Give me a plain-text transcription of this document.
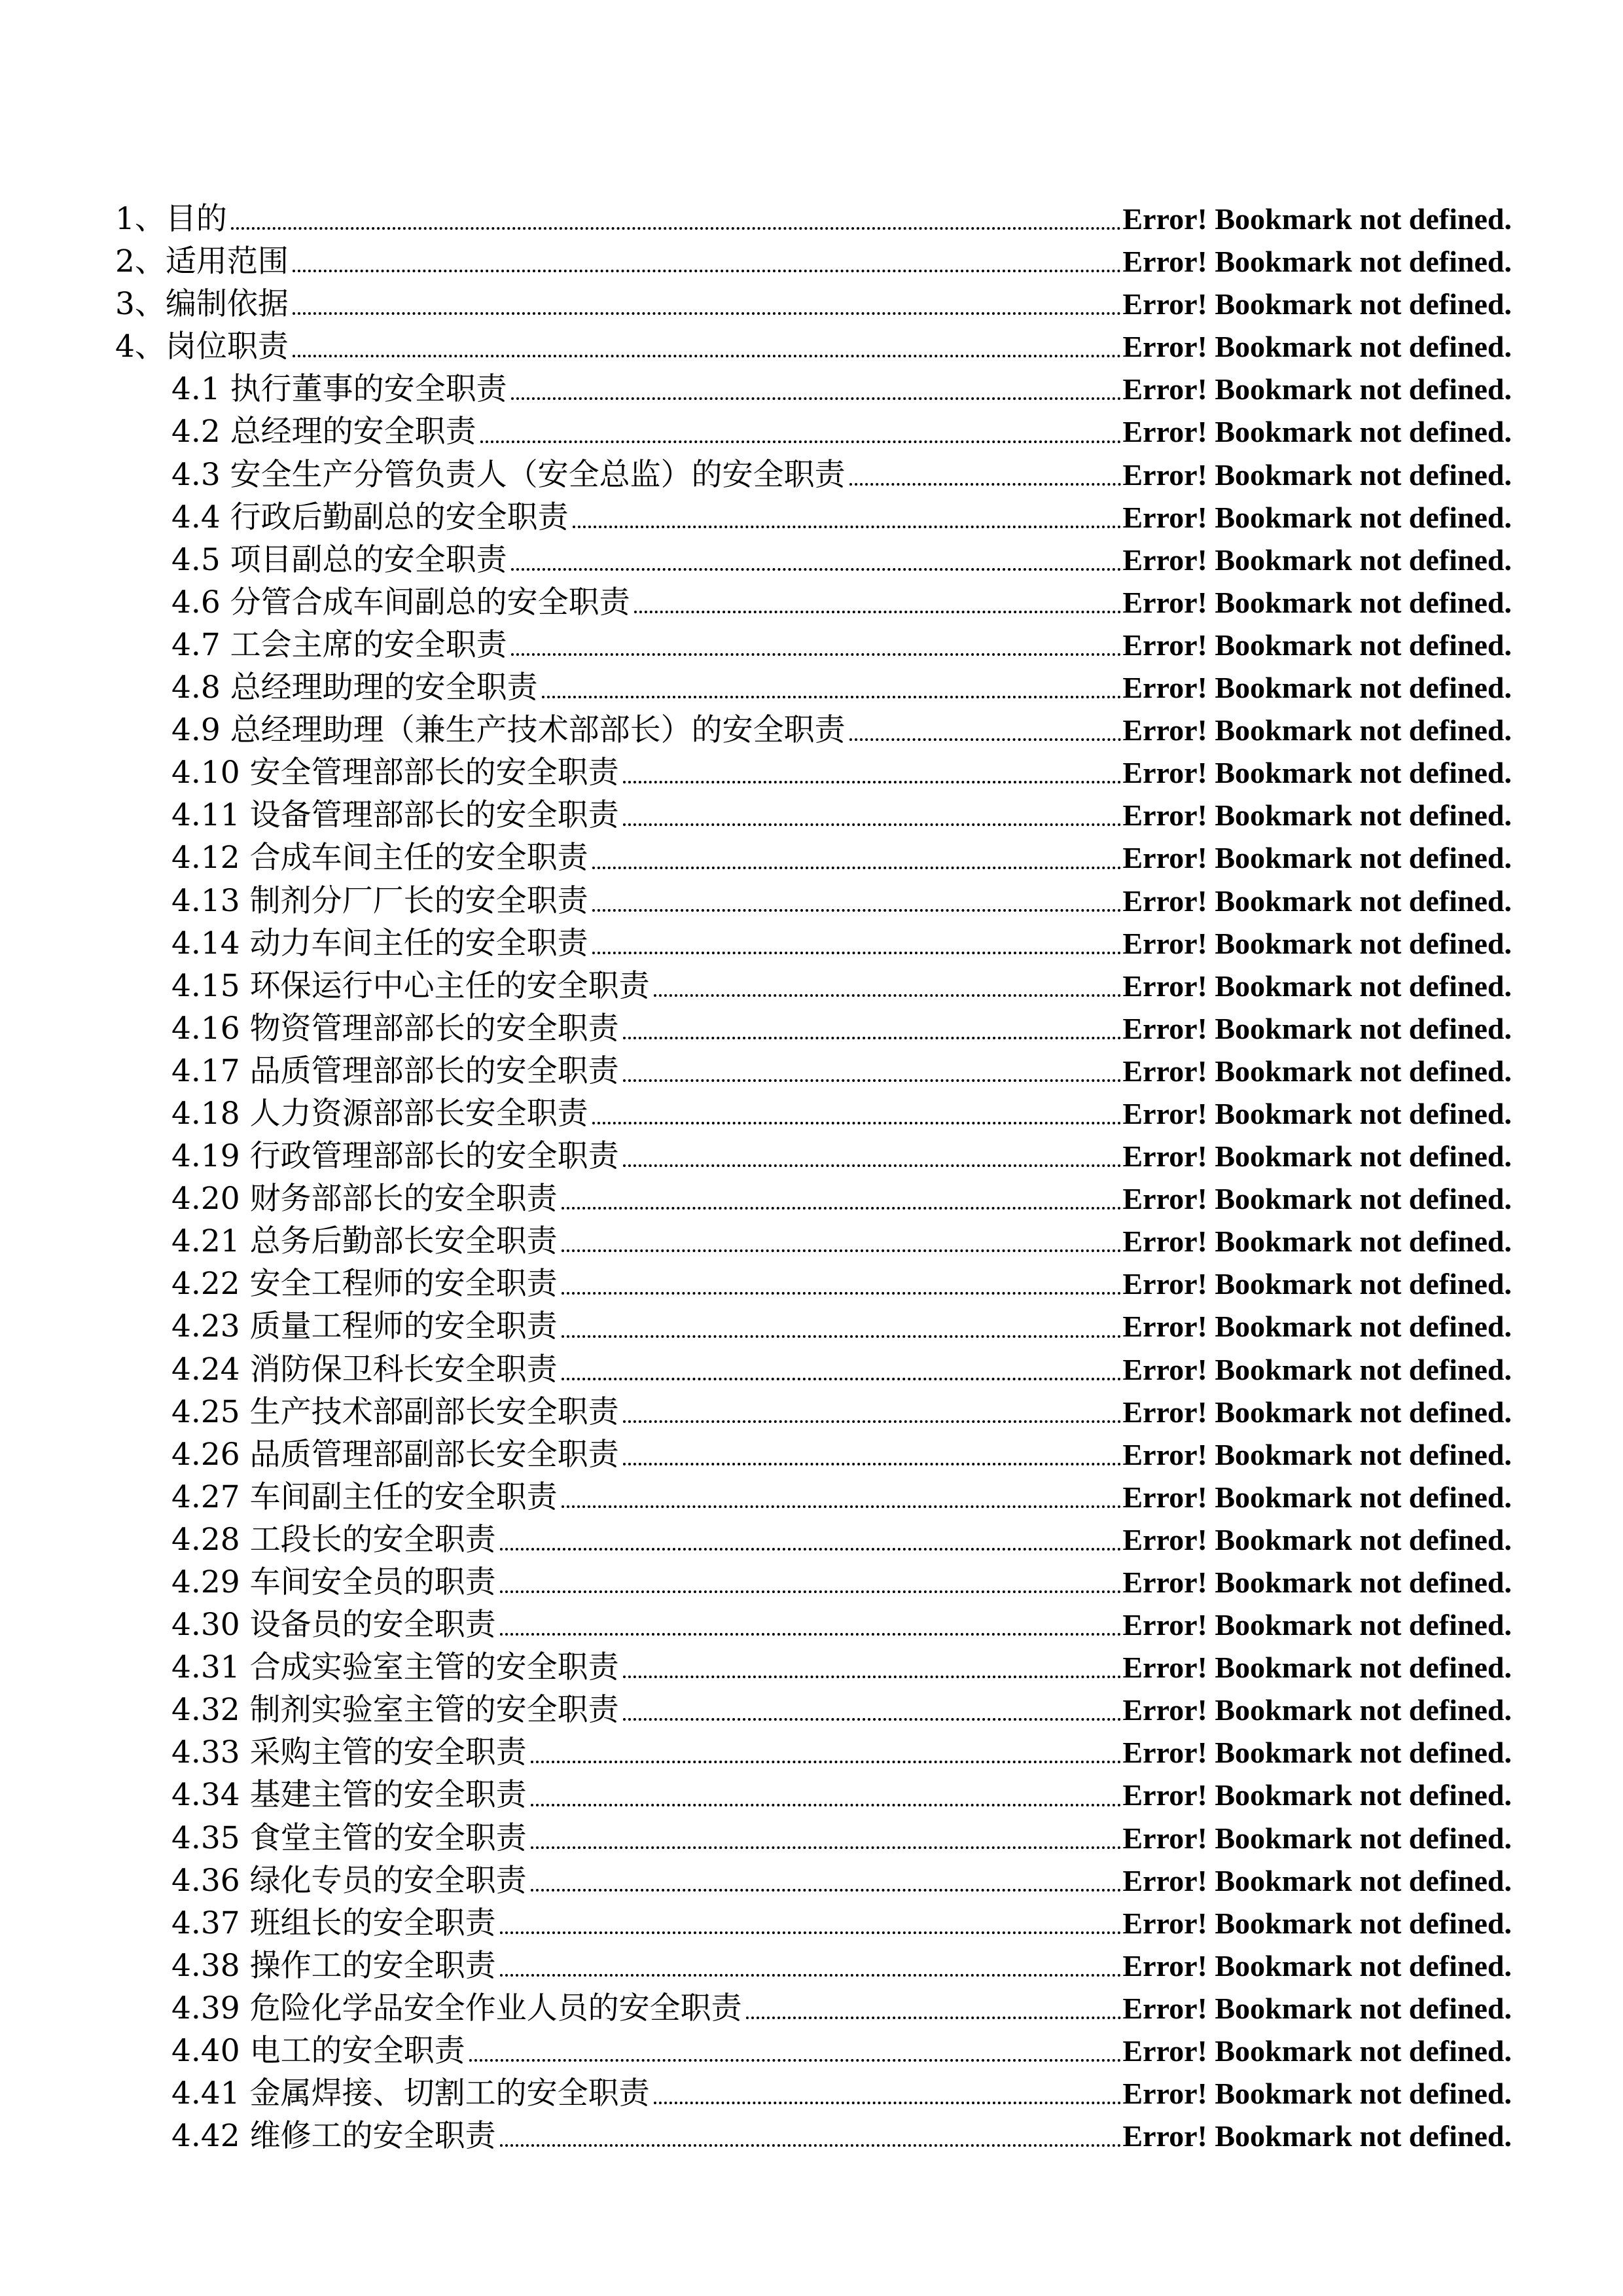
1、目的	Error! Bookmark not defined.
2、适用范围	Error! Bookmark not defined.
3、编制依据	Error! Bookmark not defined.
4、岗位职责	Error! Bookmark not defined.
4.1 执行董事的安全职责	Error! Bookmark not defined.
4.2 总经理的安全职责	Error! Bookmark not defined.
4.3 安全生产分管负责人（安全总监）的安全职责	Error! Bookmark not defined.
4.4 行政后勤副总的安全职责	Error! Bookmark not defined.
4.5 项目副总的安全职责	Error! Bookmark not defined.
4.6 分管合成车间副总的安全职责	Error! Bookmark not defined.
4.7 工会主席的安全职责	Error! Bookmark not defined.
4.8 总经理助理的安全职责	Error! Bookmark not defined.
4.9 总经理助理（兼生产技术部部长）的安全职责	Error! Bookmark not defined.
4.10 安全管理部部长的安全职责	Error! Bookmark not defined.
4.11 设备管理部部长的安全职责	Error! Bookmark not defined.
4.12 合成车间主任的安全职责	Error! Bookmark not defined.
4.13 制剂分厂厂长的安全职责	Error! Bookmark not defined.
4.14 动力车间主任的安全职责	Error! Bookmark not defined.
4.15 环保运行中心主任的安全职责	Error! Bookmark not defined.
4.16 物资管理部部长的安全职责	Error! Bookmark not defined.
4.17 品质管理部部长的安全职责	Error! Bookmark not defined.
4.18 人力资源部部长安全职责	Error! Bookmark not defined.
4.19 行政管理部部长的安全职责	Error! Bookmark not defined.
4.20 财务部部长的安全职责	Error! Bookmark not defined.
4.21 总务后勤部长安全职责	Error! Bookmark not defined.
4.22 安全工程师的安全职责	Error! Bookmark not defined.
4.23 质量工程师的安全职责	Error! Bookmark not defined.
4.24 消防保卫科长安全职责	Error! Bookmark not defined.
4.25 生产技术部副部长安全职责	Error! Bookmark not defined.
4.26 品质管理部副部长安全职责	Error! Bookmark not defined.
4.27 车间副主任的安全职责	Error! Bookmark not defined.
4.28 工段长的安全职责	Error! Bookmark not defined.
4.29 车间安全员的职责	Error! Bookmark not defined.
4.30 设备员的安全职责	Error! Bookmark not defined.
4.31 合成实验室主管的安全职责	Error! Bookmark not defined.
4.32 制剂实验室主管的安全职责	Error! Bookmark not defined.
4.33 采购主管的安全职责	Error! Bookmark not defined.
4.34 基建主管的安全职责	Error! Bookmark not defined.
4.35 食堂主管的安全职责	Error! Bookmark not defined.
4.36 绿化专员的安全职责	Error! Bookmark not defined.
4.37 班组长的安全职责	Error! Bookmark not defined.
4.38 操作工的安全职责	Error! Bookmark not defined.
4.39 危险化学品安全作业人员的安全职责	Error! Bookmark not defined.
4.40 电工的安全职责	Error! Bookmark not defined.
4.41 金属焊接、切割工的安全职责	Error! Bookmark not defined.
4.42 维修工的安全职责	Error! Bookmark not defined.
